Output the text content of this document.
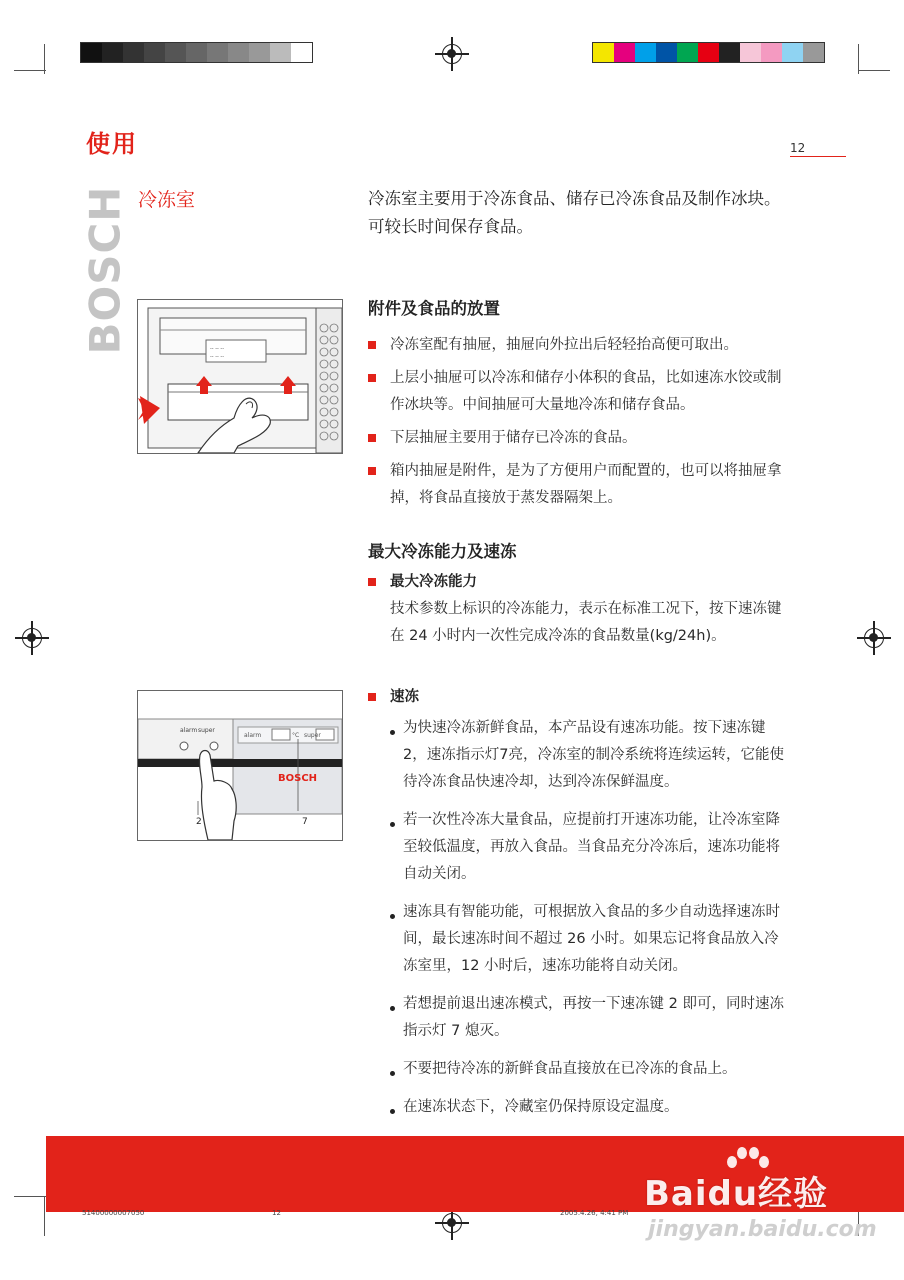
使用	12
BOSCH 冷冻室	冷冻室主要用于冷冻食品、储存已冷冻食品及制作冰块。可较长时间保存食品。
-- -- --
-- -- --
附件及食品的放置
冷冻室配有抽屉，抽屉向外拉出后轻轻抬高便可取出。
上层小抽屉可以冷冻和储存小体积的食品，比如速冻水饺或制作冰块等。中间抽屉可大量地冷冻和储存食品。
下层抽屉主要用于储存已冷冻的食品。
箱内抽屉是附件，是为了方便用户而配置的，也可以将抽屉拿掉，将食品直接放于蒸发器隔架上。
最大冷冻能力及速冻
最大冷冻能力
技术参数上标识的冷冻能力，表示在标准工况下，按下速冻键在 24 小时内一次性完成冷冻的食品数量(kg/24h)。
alarm super
alarm	°C super
BOSCH
2	7
速冻
为快速冷冻新鲜食品，本产品设有速冻功能。按下速冻键2，速冻指示灯7亮，冷冻室的制冷系统将连续运转，它能使待冷冻食品快速冷却，达到冷冻保鲜温度。
若一次性冷冻大量食品，应提前打开速冻功能，让冷冻室降至较低温度，再放入食品。当食品充分冷冻后，速冻功能将自动关闭。
速冻具有智能功能，可根据放入食品的多少自动选择速冻时间，最长速冻时间不超过 26 小时。如果忘记将食品放入冷冻室里，12 小时后，速冻功能将自动关闭。
若想提前退出速冻模式，再按一下速冻键 2 即可，同时速冻指示灯 7 熄灭。
不要把待冷冻的新鲜食品直接放在已冷冻的食品上。
在速冻状态下，冷藏室仍保持原设定温度。
Baidu经验
jingyan.baidu.com
51400000007050	12	2005.4.26, 4:41 PM
